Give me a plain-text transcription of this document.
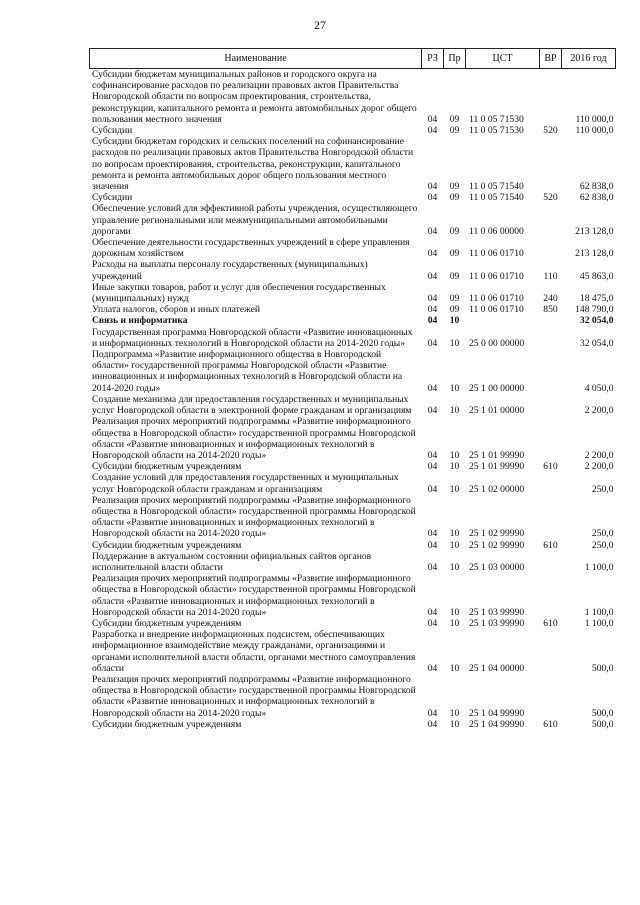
27
Наименование	РЗ	Пр	ЦСТ	ВР	2016 год
Субсидии бюджетам муниципальных районов и городского округа на софинансирование расходов по реализации правовых актов Правительства Новгородской области по вопросам проектирования, строительства, реконструкции, капитального ремонта и ремонта автомобильных дорог общего пользования местного значения	04	09	11 0 05 71530		110 000,0
Субсидии	04	09	11 0 05 71530	520	110 000,0
Субсидии бюджетам городских и сельских поселений на софинансирование расходов по реализации правовых актов Правительства Новгородской области по вопросам проектирования, строительства, реконструкции, капитального ремонта и ремонта автомобильных дорог общего пользования местного значения	04	09	11 0 05 71540		62 838,0
Субсидии	04	09	11 0 05 71540	520	62 838,0
Обеспечение условий для эффективной работы учреждения, осуществляющего управление региональными или межмуниципальными автомобильными дорогами	04	09	11 0 06 00000		213 128,0
Обеспечение деятельности государственных учреждений в сфере управления дорожным хозяйством	04	09	11 0 06 01710		213 128,0
Расходы на выплаты персоналу государственных (муниципальных) учреждений	04	09	11 0 06 01710	110	45 863,0
Иные закупки товаров, работ и услуг для обеспечения государственных (муниципальных) нужд	04	09	11 0 06 01710	240	18 475,0
Уплата налогов, сборов и иных платежей	04	09	11 0 06 01710	850	148 790,0
Связь и информатика	04	10			32 054,0
Государственная программа Новгородской области «Развитие инновационных и информационных технологий в Новгородской области на 2014-2020 годы»	04	10	25 0 00 00000		32 054,0
Подпрограмма «Развитие информационного общества в Новгородской области» государственной программы Новгородской области «Развитие инновационных и информационных технологий в Новгородской области на 2014-2020 годы»	04	10	25 1 00 00000		4 050,0
Создание механизма для предоставления государственных и муниципальных услуг Новгородской области в электронной форме гражданам и организациям	04	10	25 1 01 00000		2 200,0
Реализация прочих мероприятий подпрограммы «Развитие информационного общества в Новгородской области» государственной программы Новгородской области «Развитие инновационных и информационных технологий в Новгородской области на 2014-2020 годы»	04	10	25 1 01 99990		2 200,0
Субсидии бюджетным учреждениям	04	10	25 1 01 99990	610	2 200,0
Создание условий для предоставления государственных и муниципальных услуг Новгородской области гражданам и организациям	04	10	25 1 02 00000		250,0
Реализация прочих мероприятий подпрограммы «Развитие информационного общества в Новгородской области» государственной программы Новгородской области «Развитие инновационных и информационных технологий в Новгородской области на 2014-2020 годы»	04	10	25 1 02 99990		250,0
Субсидии бюджетным учреждениям	04	10	25 1 02 99990	610	250,0
Поддержание в актуальном состоянии официальных сайтов органов исполнительной власти области	04	10	25 1 03 00000		1 100,0
Реализация прочих мероприятий подпрограммы «Развитие информационного общества в Новгородской области» государственной программы Новгородской области «Развитие инновационных и информационных технологий в Новгородской области на 2014-2020 годы»	04	10	25 1 03 99990		1 100,0
Субсидии бюджетным учреждениям	04	10	25 1 03 99990	610	1 100,0
Разработка и внедрение информационных подсистем, обеспечивающих информационное взаимодействие между гражданами, организациями и органами исполнительной власти области, органами местного самоуправления области	04	10	25 1 04 00000		500,0
Реализация прочих мероприятий подпрограммы «Развитие информационного общества в Новгородской области» государственной программы Новгородской области «Развитие инновационных и информационных технологий в Новгородской области на 2014-2020 годы»	04	10	25 1 04 99990		500,0
Субсидии бюджетным учреждениям	04	10	25 1 04 99990	610	500,0
